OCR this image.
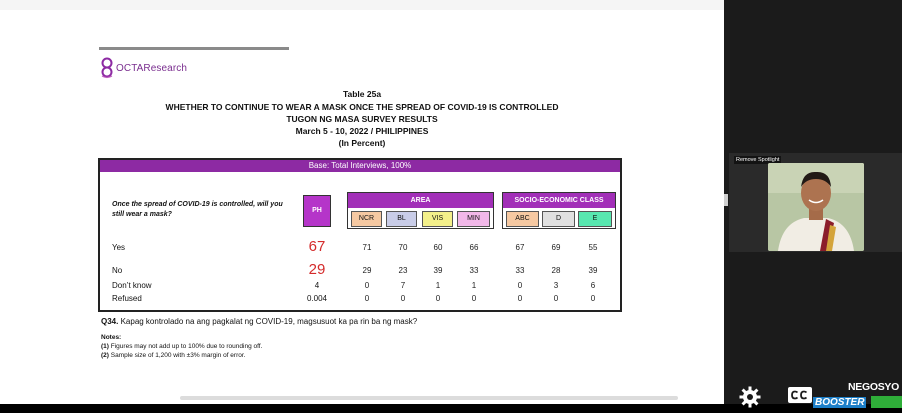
OCTAResearch
Table 25a
WHETHER TO CONTINUE TO WEAR A MASK ONCE THE SPREAD OF COVID-19 IS CONTROLLED
TUGON NG MASA SURVEY RESULTS
March 5 - 10, 2022 / PHILIPPINES
(In Percent)
Base: Total Interviews, 100%
Once the spread of COVID-19 is controlled, will you still wear a mask?
PH
AREA
NCR	BL	VIS	MIN
SOCIO-ECONOMIC CLASS
ABC	D	E
Yes	67	71	70	60	66	67	69	55
No	29	29	23	39	33	33	28	39
Don’t know	4	0	7	1	1	0	3	6
Refused	0.004	0	0	0	0	0	0	0
Q34. Kapag kontrolado na ang pagkalat ng COVID-19, magsusuot ka pa rin ba ng mask?
Notes:
(1) Figures may not add up to 100% due to rounding off.
(2) Sample size of 1,200 with ±3% margin of error.
Remove Spotlight
NEGOSYO
BOOSTER
